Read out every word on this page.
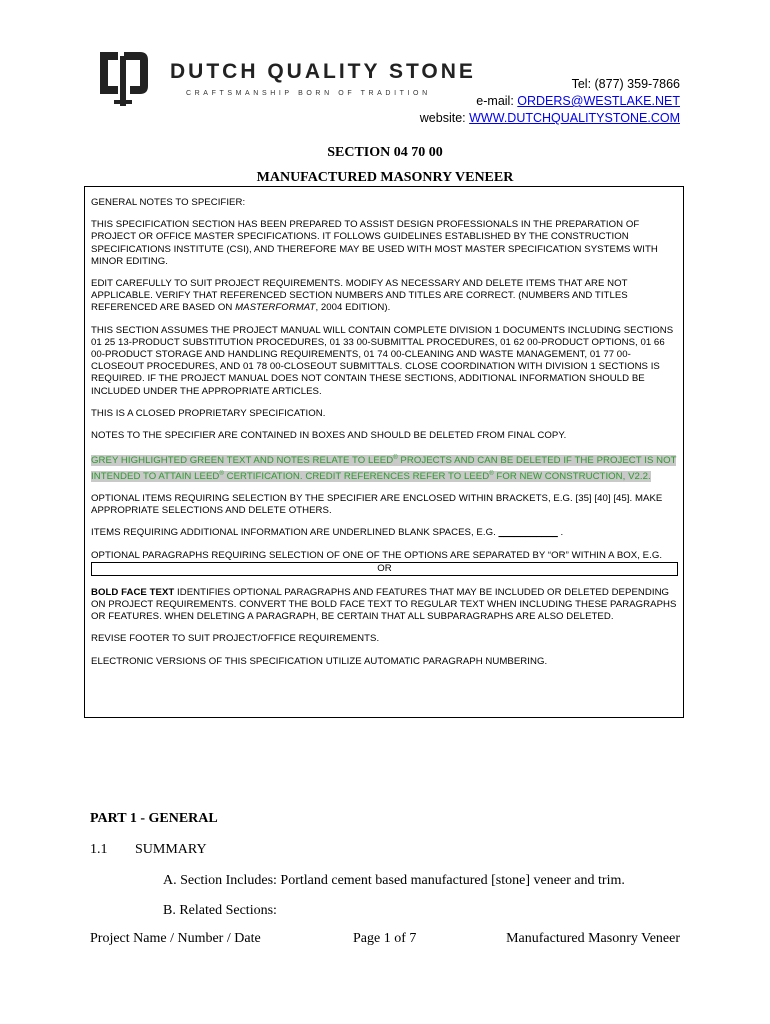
DUTCH QUALITY STONE
CRAFTSMANSHIP BORN OF TRADITION
Tel: (877) 359-7866
e-mail: ORDERS@WESTLAKE.NET
website: WWW.DUTCHQUALITYSTONE.COM
SECTION 04 70 00
MANUFACTURED MASONRY VENEER

GENERAL NOTES TO SPECIFIER:

THIS SPECIFICATION SECTION HAS BEEN PREPARED TO ASSIST DESIGN PROFESSIONALS IN THE PREPARATION OF PROJECT OR OFFICE MASTER SPECIFICATIONS. IT FOLLOWS GUIDELINES ESTABLISHED BY THE CONSTRUCTION SPECIFICATIONS INSTITUTE (CSI), AND THEREFORE MAY BE USED WITH MOST MASTER SPECIFICATION SYSTEMS WITH MINOR EDITING.

EDIT CAREFULLY TO SUIT PROJECT REQUIREMENTS. MODIFY AS NECESSARY AND DELETE ITEMS THAT ARE NOT APPLICABLE. VERIFY THAT REFERENCED SECTION NUMBERS AND TITLES ARE CORRECT. (NUMBERS AND TITLES REFERENCED ARE BASED ON MASTERFORMAT, 2004 EDITION).

THIS SECTION ASSUMES THE PROJECT MANUAL WILL CONTAIN COMPLETE DIVISION 1 DOCUMENTS INCLUDING SECTIONS 01 25 13-PRODUCT SUBSTITUTION PROCEDURES, 01 33 00-SUBMITTAL PROCEDURES, 01 62 00-PRODUCT OPTIONS, 01 66 00-PRODUCT STORAGE AND HANDLING REQUIREMENTS, 01 74 00-CLEANING AND WASTE MANAGEMENT, 01 77 00-CLOSEOUT PROCEDURES, AND 01 78 00-CLOSEOUT SUBMITTALS. CLOSE COORDINATION WITH DIVISION 1 SECTIONS IS REQUIRED. IF THE PROJECT MANUAL DOES NOT CONTAIN THESE SECTIONS, ADDITIONAL INFORMATION SHOULD BE INCLUDED UNDER THE APPROPRIATE ARTICLES.

THIS IS A CLOSED PROPRIETARY SPECIFICATION.

NOTES TO THE SPECIFIER ARE CONTAINED IN BOXES AND SHOULD BE DELETED FROM FINAL COPY.

GREY HIGHLIGHTED GREEN TEXT AND NOTES RELATE TO LEED® PROJECTS AND CAN BE DELETED IF THE PROJECT IS NOT INTENDED TO ATTAIN LEED® CERTIFICATION. CREDIT REFERENCES REFER TO LEED® FOR NEW CONSTRUCTION, V2.2.

OPTIONAL ITEMS REQUIRING SELECTION BY THE SPECIFIER ARE ENCLOSED WITHIN BRACKETS, E.G. [35] [40] [45]. MAKE APPROPRIATE SELECTIONS AND DELETE OTHERS.

ITEMS REQUIRING ADDITIONAL INFORMATION ARE UNDERLINED BLANK SPACES, E.G. ___________ .

OPTIONAL PARAGRAPHS REQUIRING SELECTION OF ONE OF THE OPTIONS ARE SEPARATED BY “OR” WITHIN A BOX, E.G.

OR

BOLD FACE TEXT IDENTIFIES OPTIONAL PARAGRAPHS AND FEATURES THAT MAY BE INCLUDED OR DELETED DEPENDING ON PROJECT REQUIREMENTS. CONVERT THE BOLD FACE TEXT TO REGULAR TEXT WHEN INCLUDING THESE PARAGRAPHS OR FEATURES. WHEN DELETING A PARAGRAPH, BE CERTAIN THAT ALL SUBPARAGRAPHS ARE ALSO DELETED.

REVISE FOOTER TO SUIT PROJECT/OFFICE REQUIREMENTS.

ELECTRONIC VERSIONS OF THIS SPECIFICATION UTILIZE AUTOMATIC PARAGRAPH NUMBERING.

PART 1 - GENERAL
1.1 SUMMARY
A. Section Includes: Portland cement based manufactured [stone] veneer and trim.
B. Related Sections:
Project Name / Number / Date	Page 1 of 7	Manufactured Masonry Veneer
